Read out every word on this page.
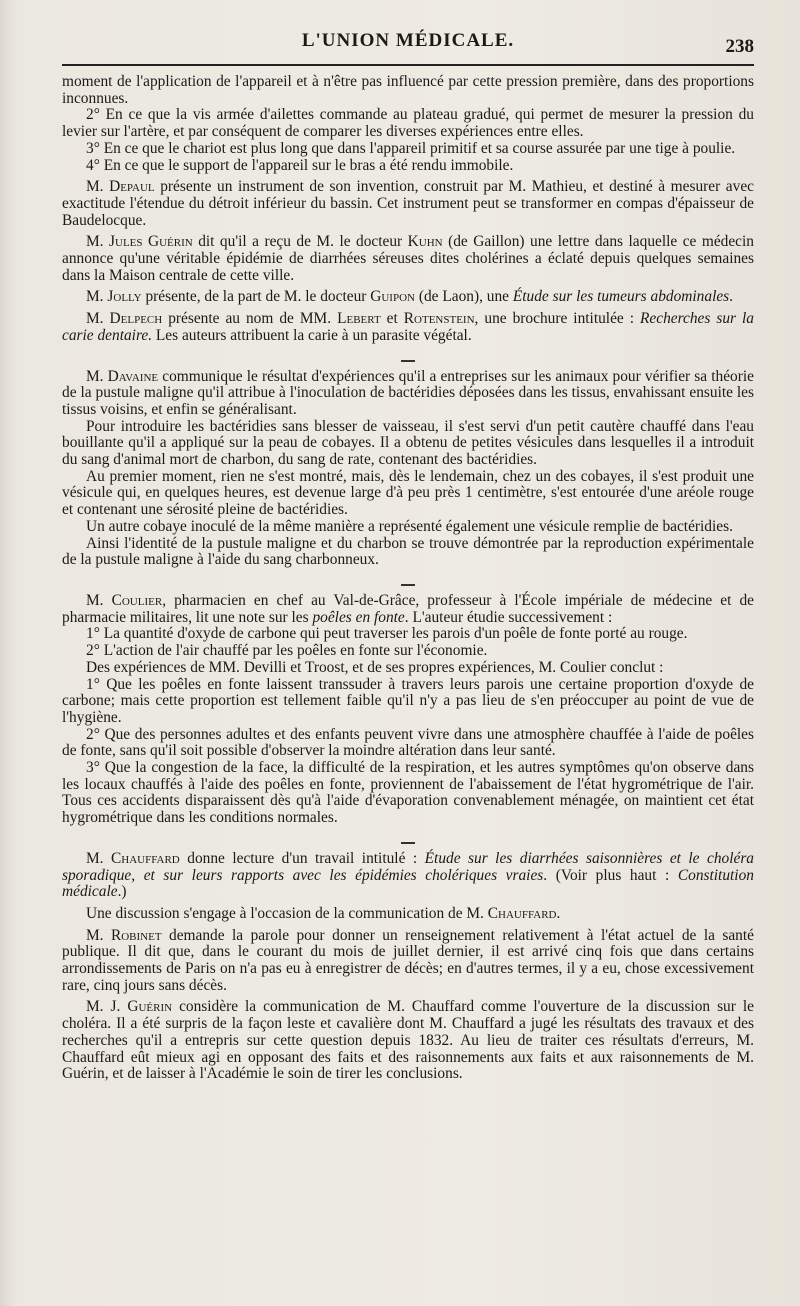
L'UNION MÉDICALE.	238

moment de l'application de l'appareil et à n'être pas influencé par cette pression première, dans des proportions inconnues.

2° En ce que la vis armée d'ailettes commande au plateau gradué, qui permet de mesurer la pression du levier sur l'artère, et par conséquent de comparer les diverses expériences entre elles.

3° En ce que le chariot est plus long que dans l'appareil primitif et sa course assurée par une tige à poulie.

4° En ce que le support de l'appareil sur le bras a été rendu immobile.

M. Depaul présente un instrument de son invention, construit par M. Mathieu, et destiné à mesurer avec exactitude l'étendue du détroit inférieur du bassin. Cet instrument peut se transformer en compas d'épaisseur de Baudelocque.

M. Jules Guérin dit qu'il a reçu de M. le docteur Kuhn (de Gaillon) une lettre dans laquelle ce médecin annonce qu'une véritable épidémie de diarrhées séreuses dites cholérines a éclaté depuis quelques semaines dans la Maison centrale de cette ville.

M. Jolly présente, de la part de M. le docteur Guipon (de Laon), une Étude sur les tumeurs abdominales.

M. Delpech présente au nom de MM. Lebert et Rotenstein, une brochure intitulée : Recherches sur la carie dentaire. Les auteurs attribuent la carie à un parasite végétal.

M. Davaine communique le résultat d'expériences qu'il a entreprises sur les animaux pour vérifier sa théorie de la pustule maligne qu'il attribue à l'inoculation de bactéridies déposées dans les tissus, envahissant ensuite les tissus voisins, et enfin se généralisant.

Pour introduire les bactéridies sans blesser de vaisseau, il s'est servi d'un petit cautère chauffé dans l'eau bouillante qu'il a appliqué sur la peau de cobayes. Il a obtenu de petites vésicules dans lesquelles il a introduit du sang d'animal mort de charbon, du sang de rate, contenant des bactéridies.

Au premier moment, rien ne s'est montré, mais, dès le lendemain, chez un des cobayes, il s'est produit une vésicule qui, en quelques heures, est devenue large d'à peu près 1 centimètre, s'est entourée d'une aréole rouge et contenant une sérosité pleine de bactéridies.

Un autre cobaye inoculé de la même manière a représenté également une vésicule remplie de bactéridies.

Ainsi l'identité de la pustule maligne et du charbon se trouve démontrée par la reproduction expérimentale de la pustule maligne à l'aide du sang charbonneux.

M. Coulier, pharmacien en chef au Val-de-Grâce, professeur à l'École impériale de médecine et de pharmacie militaires, lit une note sur les poêles en fonte. L'auteur étudie successivement :

1° La quantité d'oxyde de carbone qui peut traverser les parois d'un poêle de fonte porté au rouge.

2° L'action de l'air chauffé par les poêles en fonte sur l'économie.

Des expériences de MM. Devilli et Troost, et de ses propres expériences, M. Coulier conclut :

1° Que les poêles en fonte laissent transsuder à travers leurs parois une certaine proportion d'oxyde de carbone; mais cette proportion est tellement faible qu'il n'y a pas lieu de s'en préoccuper au point de vue de l'hygiène.

2° Que des personnes adultes et des enfants peuvent vivre dans une atmosphère chauffée à l'aide de poêles de fonte, sans qu'il soit possible d'observer la moindre altération dans leur santé.

3° Que la congestion de la face, la difficulté de la respiration, et les autres symptômes qu'on observe dans les locaux chauffés à l'aide des poêles en fonte, proviennent de l'abaissement de l'état hygrométrique de l'air. Tous ces accidents disparaissent dès qu'à l'aide d'évaporation convenablement ménagée, on maintient cet état hygrométrique dans les conditions normales.

M. Chauffard donne lecture d'un travail intitulé : Étude sur les diarrhées saisonnières et le choléra sporadique, et sur leurs rapports avec les épidémies cholériques vraies. (Voir plus haut : Constitution médicale.)

Une discussion s'engage à l'occasion de la communication de M. Chauffard.

M. Robinet demande la parole pour donner un renseignement relativement à l'état actuel de la santé publique. Il dit que, dans le courant du mois de juillet dernier, il est arrivé cinq fois que dans certains arrondissements de Paris on n'a pas eu à enregistrer de décès; en d'autres termes, il y a eu, chose excessivement rare, cinq jours sans décès.

M. J. Guérin considère la communication de M. Chauffard comme l'ouverture de la discussion sur le choléra. Il a été surpris de la façon leste et cavalière dont M. Chauffard a jugé les résultats des travaux et des recherches qu'il a entrepris sur cette question depuis 1832. Au lieu de traiter ces résultats d'erreurs, M. Chauffard eût mieux agi en opposant des faits et des raisonnements aux faits et aux raisonnements de M. Guérin, et de laisser à l'Académie le soin de tirer les conclusions.
